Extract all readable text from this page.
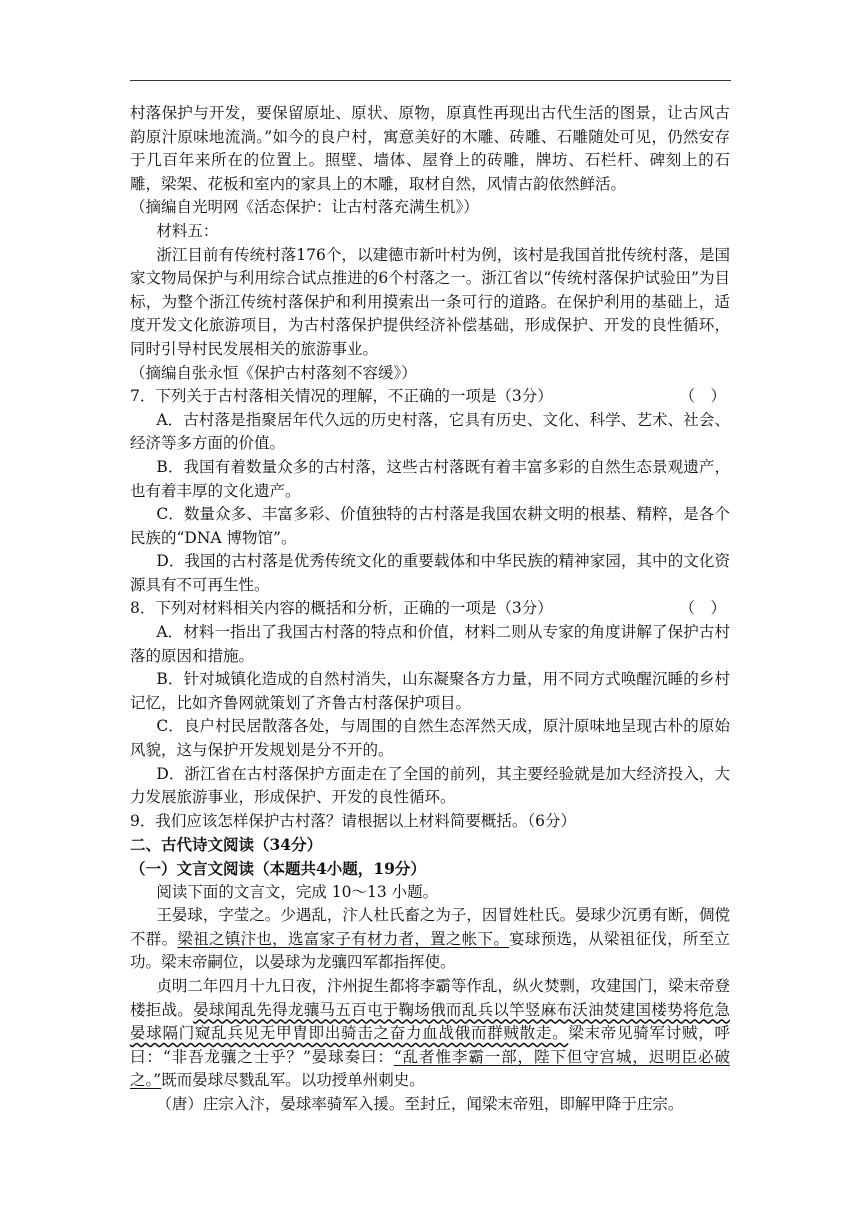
村落保护与开发，要保留原址、原状、原物，原真性再现出古代生活的图景，让古风古韵原汁原味地流淌。”如今的良户村，寓意美好的木雕、砖雕、石雕随处可见，仍然安存于几百年来所在的位置上。照壁、墙体、屋脊上的砖雕，牌坊、石栏杆、碑刻上的石雕，梁架、花板和室内的家具上的木雕，取材自然，风情古韵依然鲜活。

（摘编自光明网《活态保护：让古村落充满生机》）

材料五：

浙江目前有传统村落176个，以建德市新叶村为例，该村是我国首批传统村落，是国家文物局保护与利用综合试点推进的6个村落之一。浙江省以“传统村落保护试验田”为目标，为整个浙江传统村落保护和利用摸索出一条可行的道路。在保护利用的基础上，适度开发文化旅游项目，为古村落保护提供经济补偿基础，形成保护、开发的良性循环，同时引导村民发展相关的旅游事业。

（摘编自张永恒《保护古村落刻不容缓》）

7．下列关于古村落相关情况的理解，不正确的一项是（3分）	（　）

A．古村落是指聚居年代久远的历史村落，它具有历史、文化、科学、艺术、社会、经济等多方面的价值。

B．我国有着数量众多的古村落，这些古村落既有着丰富多彩的自然生态景观遗产，也有着丰厚的文化遗产。

C．数量众多、丰富多彩、价值独特的古村落是我国农耕文明的根基、精粹，是各个民族的“DNA 博物馆”。

D．我国的古村落是优秀传统文化的重要载体和中华民族的精神家园，其中的文化资源具有不可再生性。

8．下列对材料相关内容的概括和分析，正确的一项是（3分）	（　）

A．材料一指出了我国古村落的特点和价值，材料二则从专家的角度讲解了保护古村落的原因和措施。

B．针对城镇化造成的自然村消失，山东凝聚各方力量，用不同方式唤醒沉睡的乡村记忆，比如齐鲁网就策划了齐鲁古村落保护项目。

C．良户村民居散落各处，与周围的自然生态浑然天成，原汁原味地呈现古朴的原始风貌，这与保护开发规划是分不开的。

D．浙江省在古村落保护方面走在了全国的前列，其主要经验就是加大经济投入，大力发展旅游事业，形成保护、开发的良性循环。

9．我们应该怎样保护古村落？请根据以上材料简要概括。（6分）

二、古代诗文阅读（34分）

（一）文言文阅读（本题共4小题，19分）

阅读下面的文言文，完成 10～13 小题。

王晏球，字莹之。少遇乱，汴人杜氏畜之为子，因冒姓杜氏。晏球少沉勇有断，倜傥不群。梁祖之镇汴也，选富家子有材力者，置之帐下。宴球预选，从梁祖征伐，所至立功。梁末帝嗣位，以晏球为龙骧四军都指挥使。

贞明二年四月十九日夜，汴州捉生都将李霸等作乱，纵火焚剽，攻建国门，梁末帝登楼拒战。晏球闻乱先得龙骧马五百屯于鞠场俄而乱兵以竿竖麻布沃油焚建国楼势将危急晏球隔门窥乱兵见无甲胄即出骑击之奋力血战俄而群贼散走。梁末帝见骑军讨贼，呼曰：“非吾龙骧之士乎？”晏球奏曰：“乱者惟李霸一部，陛下但守宫城，迟明臣必破之。”既而晏球尽戮乱军。以功授单州刺史。

（唐）庄宗入汴，晏球率骑军入援。至封丘，闻梁末帝殂，即解甲降于庄宗。
